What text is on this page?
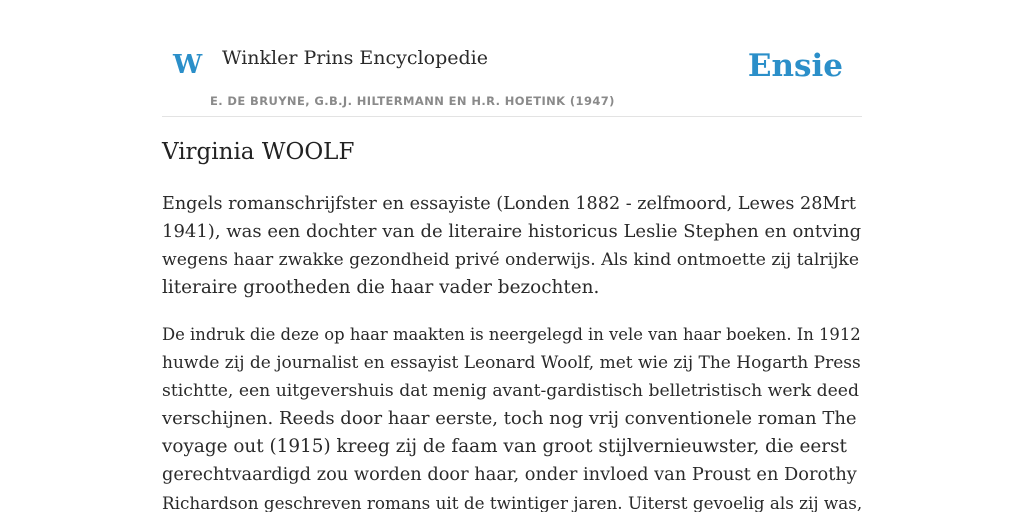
W Winkler Prins Encyclopedie
E. DE BRUYNE, G.B.J. HILTERMANN EN H.R. HOETINK (1947)
Ensie
Virginia WOOLF

Engels romanschrijfster en essayiste (Londen 1882 - zelfmoord, Lewes 28Mrt
1941), was een dochter van de literaire historicus Leslie Stephen en ontving
wegens haar zwakke gezondheid privé onderwijs. Als kind ontmoette zij talrijke
literaire grootheden die haar vader bezochten.

De indruk die deze op haar maakten is neergelegd in vele van haar boeken. In 1912
huwde zij de journalist en essayist Leonard Woolf, met wie zij The Hogarth Press
stichtte, een uitgevershuis dat menig avant-gardistisch belletristisch werk deed
verschijnen. Reeds door haar eerste, toch nog vrij conventionele roman The
voyage out (1915) kreeg zij de faam van groot stijlvernieuwster, die eerst
gerechtvaardigd zou worden door haar, onder invloed van Proust en Dorothy
Richardson geschreven romans uit de twintiger jaren. Uiterst gevoelig als zij was,
